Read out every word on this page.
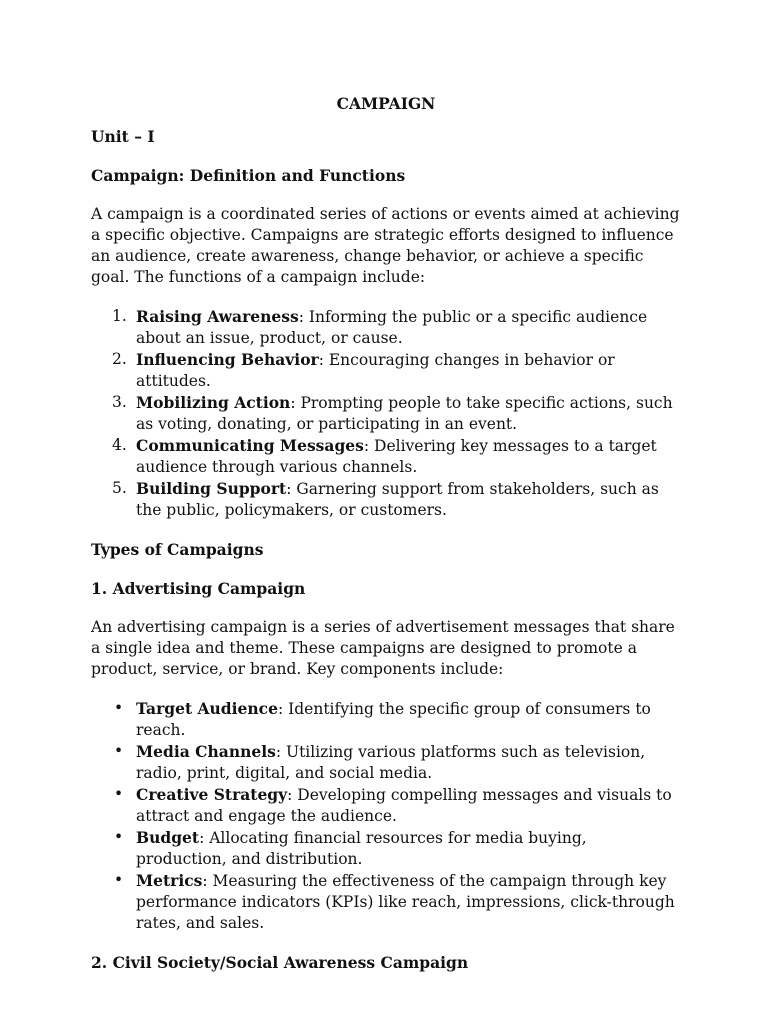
CAMPAIGN
Unit – I
Campaign: Definition and Functions

A campaign is a coordinated series of actions or events aimed at achieving a specific objective. Campaigns are strategic efforts designed to influence an audience, create awareness, change behavior, or achieve a specific goal. The functions of a campaign include:

Raising Awareness: Informing the public or a specific audience about an issue, product, or cause.
Influencing Behavior: Encouraging changes in behavior or attitudes.
Mobilizing Action: Prompting people to take specific actions, such as voting, donating, or participating in an event.
Communicating Messages: Delivering key messages to a target audience through various channels.
Building Support: Garnering support from stakeholders, such as the public, policymakers, or customers.
Types of Campaigns
1. Advertising Campaign

An advertising campaign is a series of advertisement messages that share a single idea and theme. These campaigns are designed to promote a product, service, or brand. Key components include:

• Target Audience: Identifying the specific group of consumers to reach.
• Media Channels: Utilizing various platforms such as television, radio, print, digital, and social media.
• Creative Strategy: Developing compelling messages and visuals to attract and engage the audience.
• Budget: Allocating financial resources for media buying, production, and distribution.
• Metrics: Measuring the effectiveness of the campaign through key performance indicators (KPIs) like reach, impressions, click-through rates, and sales.
2. Civil Society/Social Awareness Campaign
